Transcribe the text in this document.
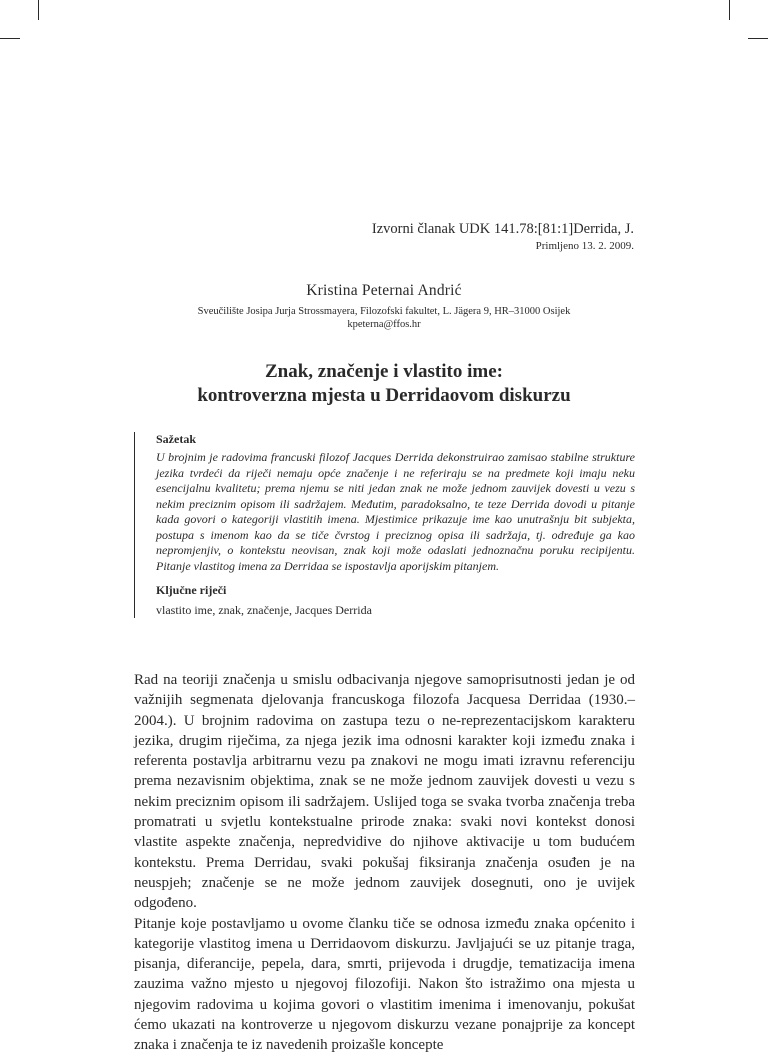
Izvorni članak UDK 141.78:[81:1]Derrida, J.
Primljeno 13. 2. 2009.
Kristina Peternai Andrić
Sveučilište Josipa Jurja Strossmayera, Filozofski fakultet, L. Jägera 9, HR–31000 Osijek
kpeterna@ffos.hr
Znak, značenje i vlastito ime:
kontroverzna mjesta u Derridaovom diskurzu
Sažetak

U brojnim je radovima francuski filozof Jacques Derrida dekonstruirao zamisao stabilne strukture jezika tvrdeći da riječi nemaju opće značenje i ne referiraju se na predmete koji imaju neku esencijalnu kvalitetu; prema njemu se niti jedan znak ne može jednom zauvijek dovesti u vezu s nekim preciznim opisom ili sadržajem. Međutim, paradoksalno, te teze Derrida dovodi u pitanje kada govori o kategoriji vlastitih imena. Mjestimice prikazuje ime kao unutrašnju bit subjekta, postupa s imenom kao da se tiče čvrstog i preciznog opisa ili sadržaja, tj. određuje ga kao nepromjenjiv, o kontekstu neovisan, znak koji može odaslati jednoznačnu poruku recipijentu. Pitanje vlastitog imena za Derridaa se ispostavlja aporijskim pitanjem.

Ključne riječi

vlastito ime, znak, značenje, Jacques Derrida

Rad na teoriji značenja u smislu odbacivanja njegove samoprisutnosti jedan je od važnijih segmenata djelovanja francuskoga filozofa Jacquesa Derridaa (1930.–2004.). U brojnim radovima on zastupa tezu o ne-reprezentacijskom karakteru jezika, drugim riječima, za njega jezik ima odnosni karakter koji između znaka i referenta postavlja arbitrarnu vezu pa znakovi ne mogu imati izravnu referenciju prema nezavisnim objektima, znak se ne može jednom zauvijek dovesti u vezu s nekim preciznim opisom ili sadržajem. Uslijed toga se svaka tvorba značenja treba promatrati u svjetlu kontekstualne prirode znaka: svaki novi kontekst donosi vlastite aspekte značenja, nepredvidive do njihove aktivacije u tom budućem kontekstu. Prema Derridau, svaki pokušaj fiksiranja značenja osuđen je na neuspjeh; značenje se ne može jednom zauvijek dosegnuti, ono je uvijek odgođeno.

Pitanje koje postavljamo u ovome članku tiče se odnosa između znaka općenito i kategorije vlastitog imena u Derridaovom diskurzu. Javljajući se uz pitanje traga, pisanja, diferancije, pepela, dara, smrti, prijevoda i drugdje, tematizacija imena zauzima važno mjesto u njegovoj filozofiji. Nakon što istražimo ona mjesta u njegovim radovima u kojima govori o vlastitim imenima i imenovanju, pokušat ćemo ukazati na kontroverze u njegovom diskurzu vezane ponajprije za koncept znaka i značenja te iz navedenih proizašle koncepte
